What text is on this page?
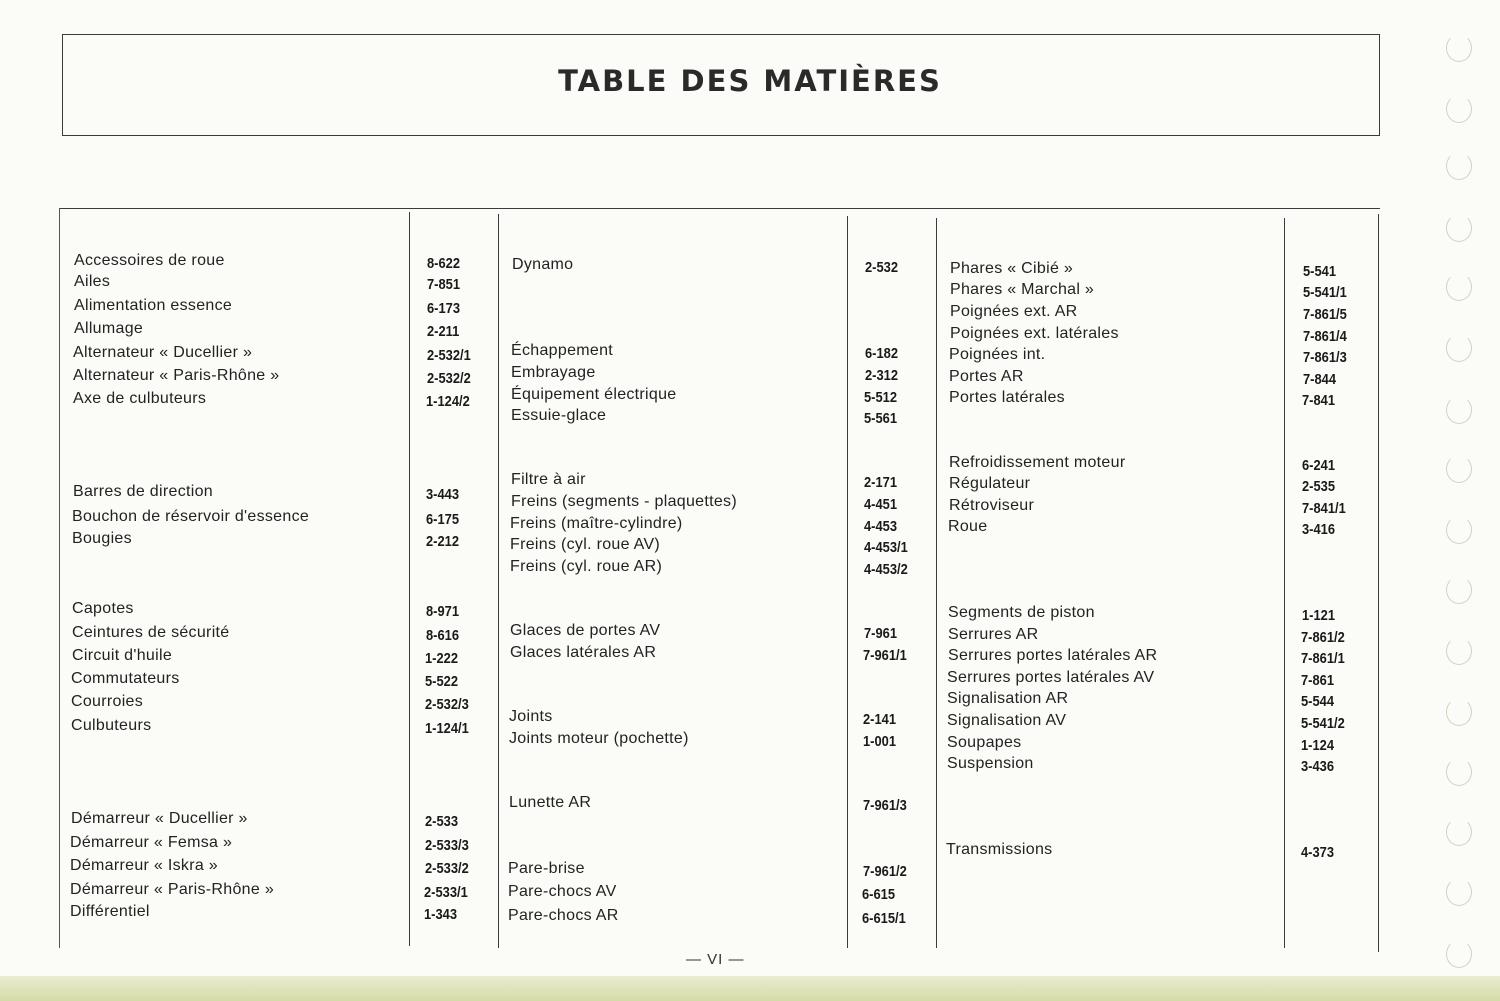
TABLE DES MATIÈRES
Accessoires de roue	8-622
Ailes	7-851
Alimentation essence	6-173
Allumage	2-211
Alternateur « Ducellier »	2-532/1
Alternateur « Paris-Rhône »	2-532/2
Axe de culbuteurs	1-124/2
Barres de direction	3-443
Bouchon de réservoir d'essence	6-175
Bougies	2-212
Capotes	8-971
Ceintures de sécurité	8-616
Circuit d'huile	1-222
Commutateurs	5-522
Courroies	2-532/3
Culbuteurs	1-124/1
Démarreur « Ducellier »	2-533
Démarreur « Femsa »	2-533/3
Démarreur « Iskra »	2-533/2
Démarreur « Paris-Rhône »	2-533/1
Différentiel	1-343
Dynamo	2-532
Échappement	6-182
Embrayage	2-312
Équipement électrique	5-512
Essuie-glace	5-561
Filtre à air	2-171
Freins (segments - plaquettes)	4-451
Freins (maître-cylindre)	4-453
Freins (cyl. roue AV)	4-453/1
Freins (cyl. roue AR)	4-453/2
Glaces de portes AV	7-961
Glaces latérales AR	7-961/1
Joints	2-141
Joints moteur (pochette)	1-001
Lunette AR	7-961/3
Pare-brise	7-961/2
Pare-chocs AV	6-615
Pare-chocs AR	6-615/1
Phares « Cibié »	5-541
Phares « Marchal »	5-541/1
Poignées ext. AR	7-861/5
Poignées ext. latérales	7-861/4
Poignées int.	7-861/3
Portes AR	7-844
Portes latérales	7-841
Refroidissement moteur	6-241
Régulateur	2-535
Rétroviseur	7-841/1
Roue	3-416
Segments de piston	1-121
Serrures AR	7-861/2
Serrures portes latérales AR	7-861/1
Serrures portes latérales AV	7-861
Signalisation AR	5-544
Signalisation AV	5-541/2
Soupapes	1-124
Suspension	3-436
Transmissions	4-373
— VI —
